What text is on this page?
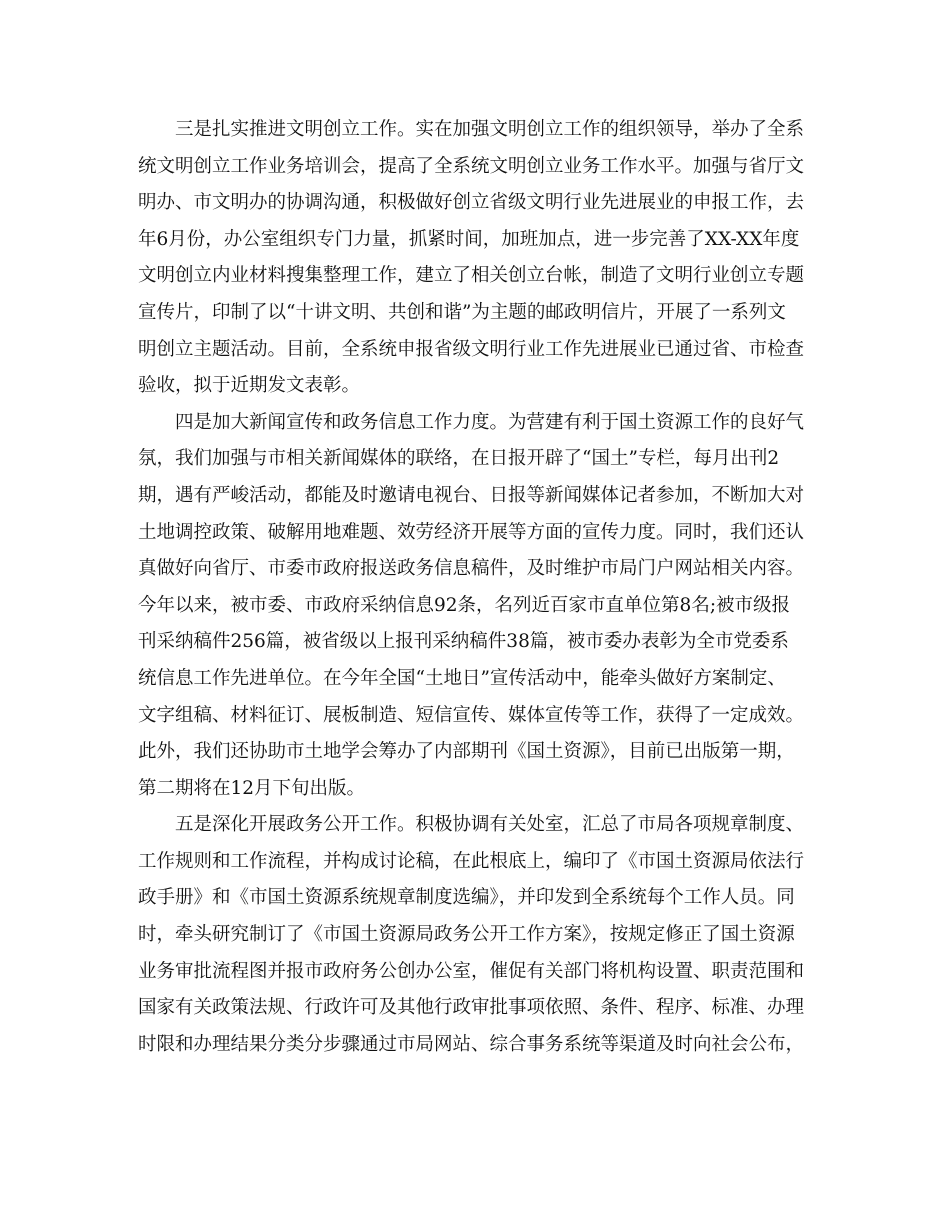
三是扎实推进文明创立工作。实在加强文明创立工作的组织领导，举办了全系
统文明创立工作业务培训会，提高了全系统文明创立业务工作水平。加强与省厅文
明办、市文明办的协调沟通，积极做好创立省级文明行业先进展业的申报工作，去
年6月份，办公室组织专门力量，抓紧时间，加班加点，进一步完善了XX-XX年度
文明创立内业材料搜集整理工作，建立了相关创立台帐，制造了文明行业创立专题
宣传片，印制了以“十讲文明、共创和谐”为主题的邮政明信片，开展了一系列文
明创立主题活动。目前，全系统申报省级文明行业工作先进展业已通过省、市检查
验收，拟于近期发文表彰。
四是加大新闻宣传和政务信息工作力度。为营建有利于国土资源工作的良好气
氛，我们加强与市相关新闻媒体的联络，在日报开辟了“国土”专栏，每月出刊2
期，遇有严峻活动，都能及时邀请电视台、日报等新闻媒体记者参加，不断加大对
土地调控政策、破解用地难题、效劳经济开展等方面的宣传力度。同时，我们还认
真做好向省厅、市委市政府报送政务信息稿件，及时维护市局门户网站相关内容。
今年以来，被市委、市政府采纳信息92条，名列近百家市直单位第8名;被市级报
刊采纳稿件256篇，被省级以上报刊采纳稿件38篇，被市委办表彰为全市党委系
统信息工作先进单位。在今年全国“土地日”宣传活动中，能牵头做好方案制定、
文字组稿、材料征订、展板制造、短信宣传、媒体宣传等工作，获得了一定成效。
此外，我们还协助市土地学会筹办了内部期刊《国土资源》，目前已出版第一期，
第二期将在12月下旬出版。
五是深化开展政务公开工作。积极协调有关处室，汇总了市局各项规章制度、
工作规则和工作流程，并构成讨论稿，在此根底上，编印了《市国土资源局依法行
政手册》和《市国土资源系统规章制度选编》，并印发到全系统每个工作人员。同
时，牵头研究制订了《市国土资源局政务公开工作方案》，按规定修正了国土资源
业务审批流程图并报市政府务公创办公室，催促有关部门将机构设置、职责范围和
国家有关政策法规、行政许可及其他行政审批事项依照、条件、程序、标准、办理
时限和办理结果分类分步骤通过市局网站、综合事务系统等渠道及时向社会公布，
